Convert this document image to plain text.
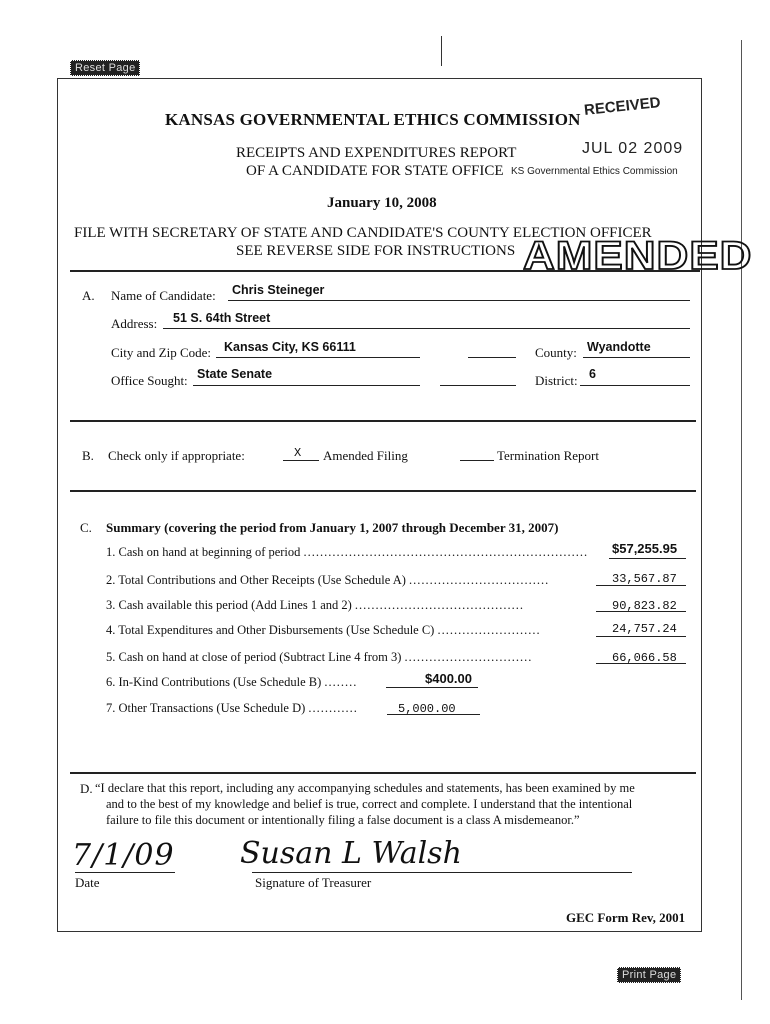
Reset Page
Print Page
KANSAS GOVERNMENTAL ETHICS COMMISSION
RECEIVED
JUL 02 2009
KS Governmental Ethics Commission
RECEIPTS AND EXPENDITURES REPORT
OF A CANDIDATE FOR STATE OFFICE
January 10, 2008
FILE WITH SECRETARY OF STATE AND CANDIDATE'S COUNTY ELECTION OFFICER
SEE REVERSE SIDE FOR INSTRUCTIONS AMENDED
A. Name of Candidate: Chris Steineger
Address: 51 S. 64th Street
City and Zip Code: Kansas City, KS 66111	County: Wyandotte
Office Sought: State Senate	District: 6
B. Check only if appropriate:	X Amended Filing	Termination Report
C. Summary (covering the period from January 1, 2007 through December 31, 2007)
1. Cash on hand at beginning of period ..................................................................... $57,255.95
2. Total Contributions and Other Receipts (Use Schedule A) ..................................	33,567.87
3. Cash available this period (Add Lines 1 and 2) .........................................	90,823.82
4. Total Expenditures and Other Disbursements (Use Schedule C) .........................	24,757.24
5. Cash on hand at close of period (Subtract Line 4 from 3) ...............................	66,066.58
6. In-Kind Contributions (Use Schedule B) ........	$400.00
7. Other Transactions (Use Schedule D) ............	5,000.00
D. “I declare that this report, including any accompanying schedules and statements, has been examined by me
and to the best of my knowledge and belief is true, correct and complete. I understand that the intentional
failure to file this document or intentionally filing a false document is a class A misdemeanor.”
7/1/09
Date
Susan L Walsh
Signature of Treasurer
GEC Form Rev, 2001
